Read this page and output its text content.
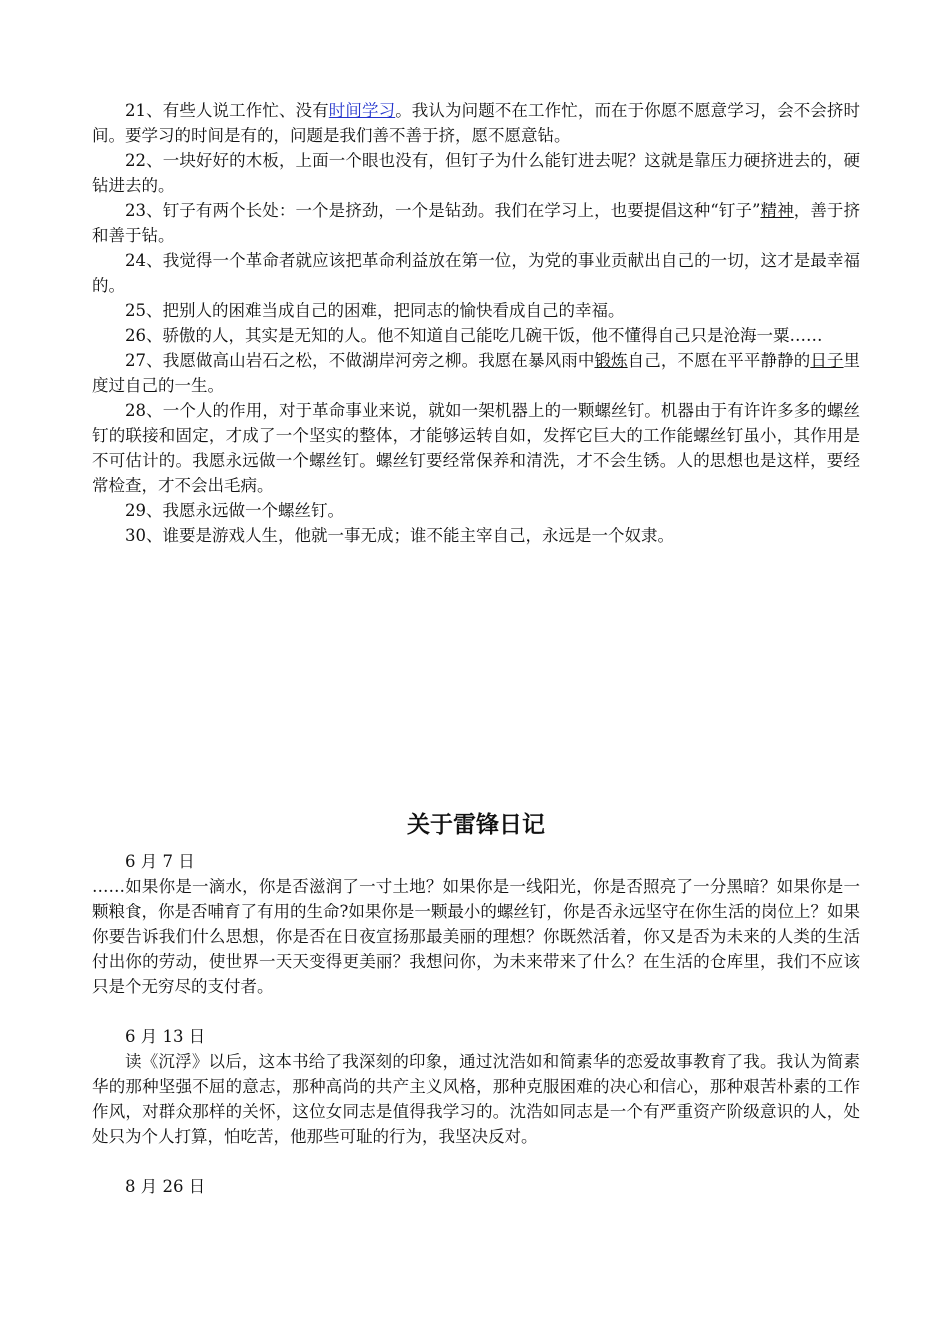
21、有些人说工作忙、没有时间学习。我认为问题不在工作忙，而在于你愿不愿意学习，会不会挤时间。要学习的时间是有的，问题是我们善不善于挤，愿不愿意钻。

22、一块好好的木板，上面一个眼也没有，但钉子为什么能钉进去呢？这就是靠压力硬挤进去的，硬钻进去的。

23、钉子有两个长处：一个是挤劲，一个是钻劲。我们在学习上，也要提倡这种“钉子”精神，善于挤和善于钻。

24、我觉得一个革命者就应该把革命利益放在第一位，为党的事业贡献出自己的一切，这才是最幸福的。

25、把别人的困难当成自己的困难，把同志的愉快看成自己的幸福。

26、骄傲的人，其实是无知的人。他不知道自己能吃几碗干饭，他不懂得自己只是沧海一粟……

27、我愿做高山岩石之松，不做湖岸河旁之柳。我愿在暴风雨中锻炼自己，不愿在平平静静的日子里度过自己的一生。

28、一个人的作用，对于革命事业来说，就如一架机器上的一颗螺丝钉。机器由于有许许多多的螺丝钉的联接和固定，才成了一个坚实的整体，才能够运转自如，发挥它巨大的工作能螺丝钉虽小，其作用是不可估计的。我愿永远做一个螺丝钉。螺丝钉要经常保养和清洗，才不会生锈。人的思想也是这样，要经常检查，才不会出毛病。

29、我愿永远做一个螺丝钉。

30、谁要是游戏人生，他就一事无成；谁不能主宰自己，永远是一个奴隶。

关于雷锋日记

6 月 7 日

……如果你是一滴水，你是否滋润了一寸土地？如果你是一线阳光，你是否照亮了一分黑暗？如果你是一颗粮食，你是否哺育了有用的生命?如果你是一颗最小的螺丝钉，你是否永远坚守在你生活的岗位上？如果你要告诉我们什么思想，你是否在日夜宣扬那最美丽的理想？你既然活着，你又是否为未来的人类的生活付出你的劳动，使世界一天天变得更美丽？我想问你，为未来带来了什么？在生活的仓库里，我们不应该只是个无穷尽的支付者。

6 月 13 日

读《沉浮》以后，这本书给了我深刻的印象，通过沈浩如和简素华的恋爱故事教育了我。我认为简素华的那种坚强不屈的意志，那种高尚的共产主义风格，那种克服困难的决心和信心，那种艰苦朴素的工作作风，对群众那样的关怀，这位女同志是值得我学习的。沈浩如同志是一个有严重资产阶级意识的人，处处只为个人打算，怕吃苦，他那些可耻的行为，我坚决反对。

8 月 26 日
